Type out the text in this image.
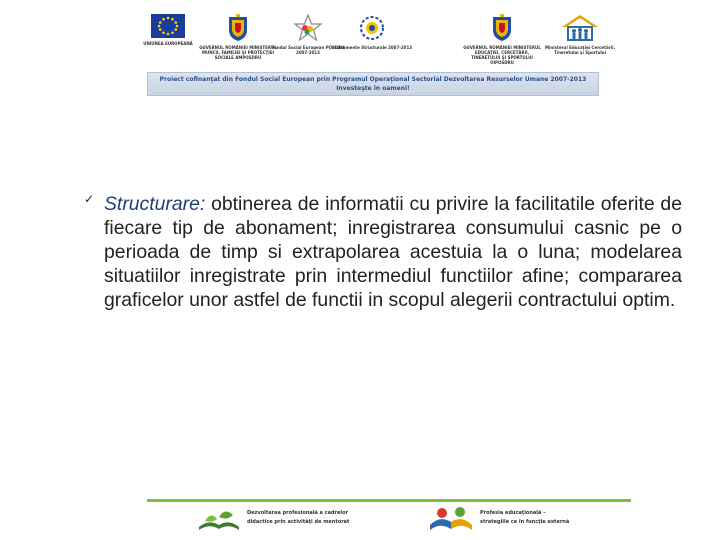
UNIUNEA EUROPEANĂ
GUVERNUL ROMÂNIEI MINISTERUL MUNCII, FAMILIEI ŞI PROTECŢIEI SOCIALE AMPOSDRU
Fondul Social European POSDRU 2007-2013
Instrumente Structurale 2007-2013	GUVERNUL ROMÂNIEI MINISTERUL EDUCAŢIEI, CERCETĂRII, TINERETULUI ŞI SPORTULUI OIPOSDRU
Ministerul Educaţiei Cercetării, Tineretului şi Sportului
Proiect cofinanţat din Fondul Social European prin Programul Operaţional Sectorial Dezvoltarea Resurselor Umane 2007-2013
Investeşte în oameni!
✓ Structurare: obtinerea de informatii cu privire la facilitatile oferite de fiecare tip de abonament; inregistrarea consumului casnic pe o perioada de timp si extrapolarea acestuia la o luna; modelarea situatiilor inregistrate prin intermediul functiilor afine; compararea graficelor unor astfel de functii in scopul alegerii contractului optim.
Dezvoltarea profesională a cadrelor
didactice prin activităţi de mentorat
Profesia educaţională –
strategiile ce în funcţie externă
